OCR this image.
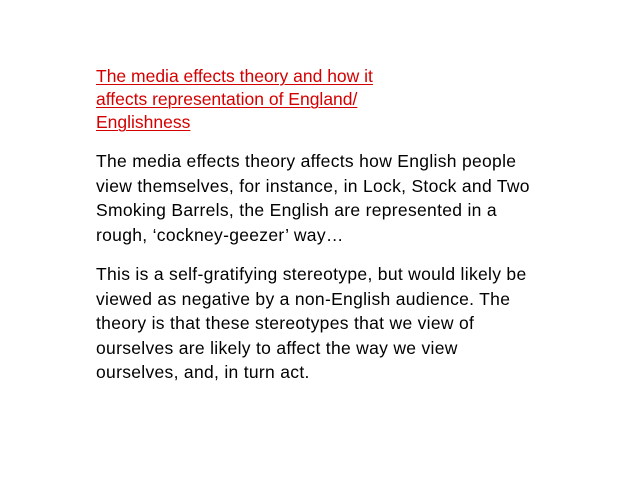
The media effects theory and how it
affects representation of England/
Englishness

The media effects theory affects how English people
view themselves, for instance, in Lock, Stock and Two
Smoking Barrels, the English are represented in a
rough, ‘cockney-geezer’ way…

This is a self-gratifying stereotype, but would likely be
viewed as negative by a non-English audience. The
theory is that these stereotypes that we view of
ourselves are likely to affect the way we view
ourselves, and, in turn act.
